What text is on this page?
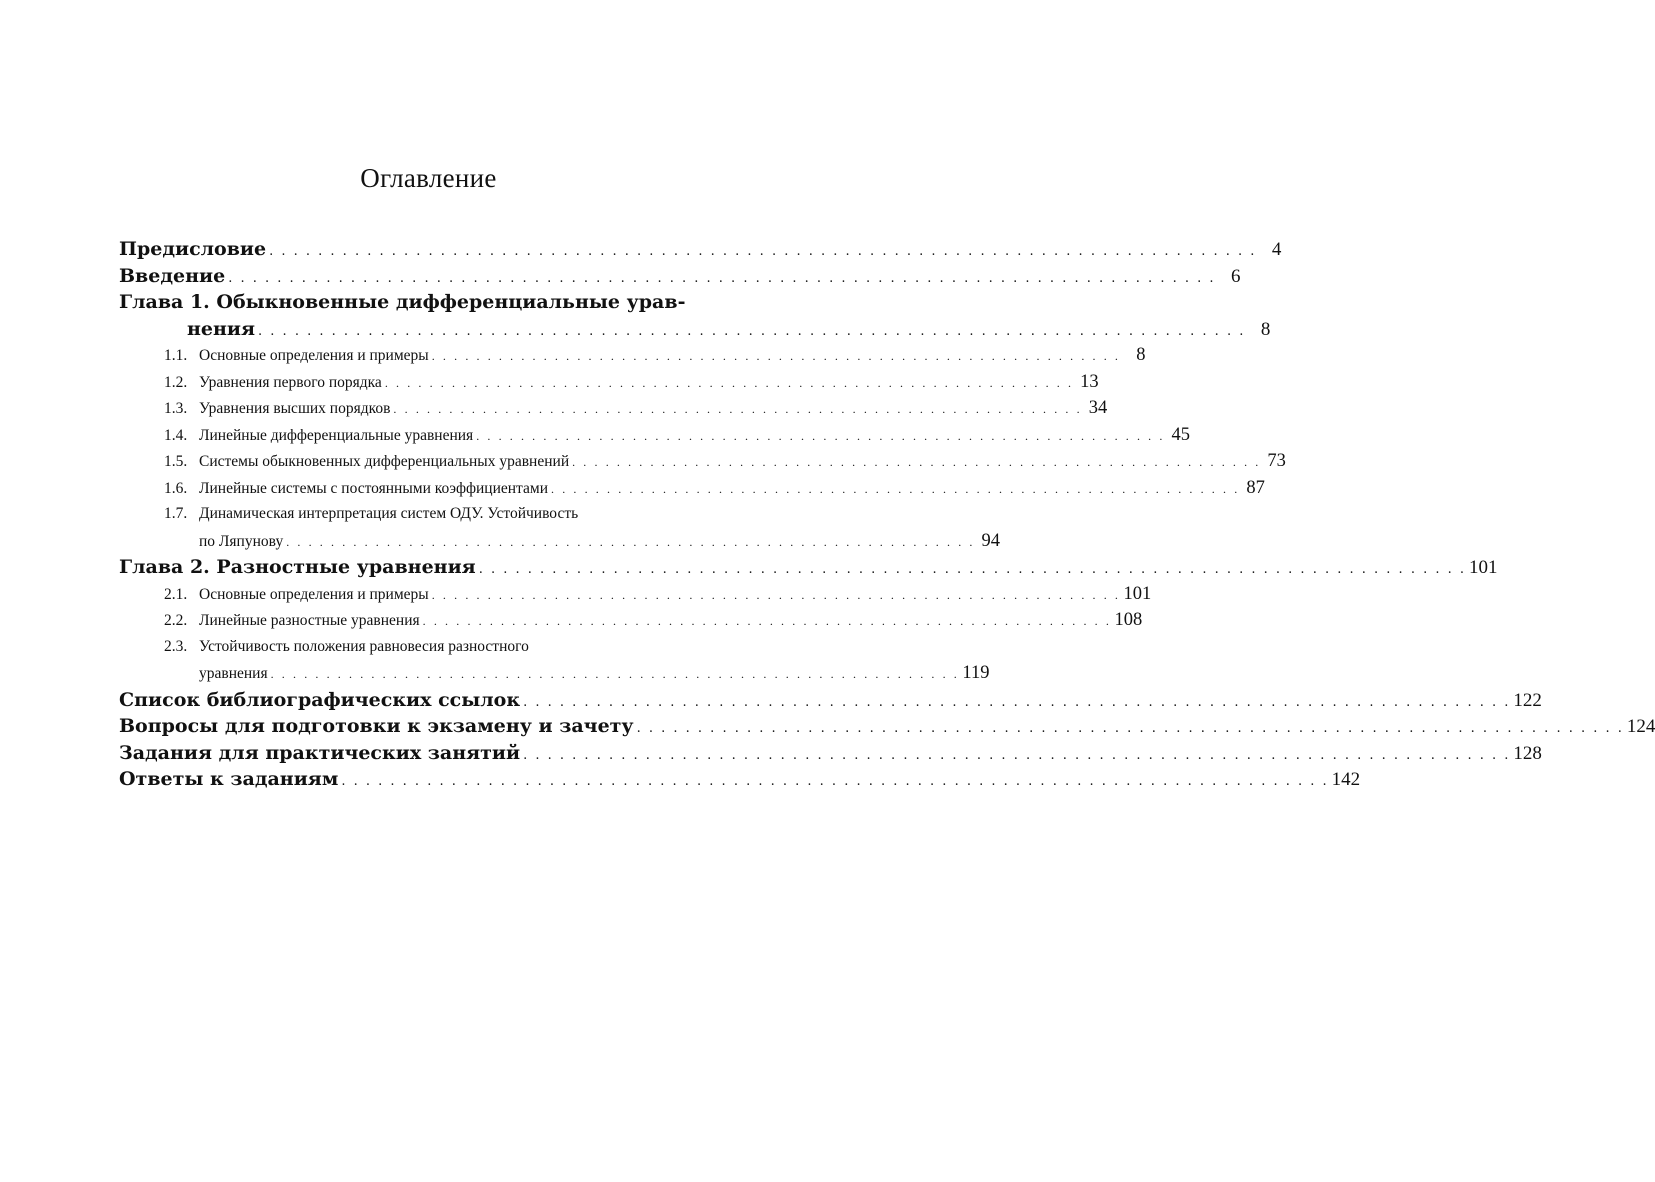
Оглавление
Предисловие . . . . . . . . . . . . . . . . . . . . . . . . . . . . . . . . . . . . . . . . . . . . . . . . . . . . . . . . . . . . . . . . . . . . . . . . . . . . . . . . . 4
Введение . . . . . . . . . . . . . . . . . . . . . . . . . . . . . . . . . . . . . . . . . . . . . . . . . . . . . . . . . . . . . . . . . . . . . . . . . . . . . . . . . 6
Глава 1. Обыкновенные дифференциальные урав-
нения . . . . . . . . . . . . . . . . . . . . . . . . . . . . . . . . . . . . . . . . . . . . . . . . . . . . . . . . . . . . . . . . . . . . . . . . . . . . . . . . . 8
1.1. Основные определения и примеры . . . . . . . . . . . . . . . . . . . . . . . . . . . . . . . . . . . . . . . . . . . . . . . . . . . . . . . . . . . . . . 8
1.2. Уравнения первого порядка . . . . . . . . . . . . . . . . . . . . . . . . . . . . . . . . . . . . . . . . . . . . . . . . . . . . . . . . . . . . . . 13
1.3. Уравнения высших порядков . . . . . . . . . . . . . . . . . . . . . . . . . . . . . . . . . . . . . . . . . . . . . . . . . . . . . . . . . . . . . . 34
1.4. Линейные дифференциальные уравнения . . . . . . . . . . . . . . . . . . . . . . . . . . . . . . . . . . . . . . . . . . . . . . . . . . . . . . . . . . . . . . 45
1.5. Системы обыкновенных дифференциальных уравнений . . . . . . . . . . . . . . . . . . . . . . . . . . . . . . . . . . . . . . . . . . . . . . . . . . . . . . . . . . . . . . 73
1.6. Линейные системы с постоянными коэффициентами . . . . . . . . . . . . . . . . . . . . . . . . . . . . . . . . . . . . . . . . . . . . . . . . . . . . . . . . . . . . . . 87
1.7. Динамическая интерпретация систем ОДУ. Устойчивость
по Ляпунову . . . . . . . . . . . . . . . . . . . . . . . . . . . . . . . . . . . . . . . . . . . . . . . . . . . . . . . . . . . . . . 94
Глава 2. Разностные уравнения . . . . . . . . . . . . . . . . . . . . . . . . . . . . . . . . . . . . . . . . . . . . . . . . . . . . . . . . . . . . . . . . . . . . . . . . . . . . . . . . . 101
2.1. Основные определения и примеры . . . . . . . . . . . . . . . . . . . . . . . . . . . . . . . . . . . . . . . . . . . . . . . . . . . . . . . . . . . . . . 101
2.2. Линейные разностные уравнения . . . . . . . . . . . . . . . . . . . . . . . . . . . . . . . . . . . . . . . . . . . . . . . . . . . . . . . . . . . . . . 108
2.3. Устойчивость положения равновесия разностного
уравнения . . . . . . . . . . . . . . . . . . . . . . . . . . . . . . . . . . . . . . . . . . . . . . . . . . . . . . . . . . . . . . 119
Список библиографических ссылок . . . . . . . . . . . . . . . . . . . . . . . . . . . . . . . . . . . . . . . . . . . . . . . . . . . . . . . . . . . . . . . . . . . . . . . . . . . . . . . . . 122
Вопросы для подготовки к экзамену и зачету . . . . . . . . . . . . . . . . . . . . . . . . . . . . . . . . . . . . . . . . . . . . . . . . . . . . . . . . . . . . . . . . . . . . . . . . . . . . . . . . . 124
Задания для практических занятий . . . . . . . . . . . . . . . . . . . . . . . . . . . . . . . . . . . . . . . . . . . . . . . . . . . . . . . . . . . . . . . . . . . . . . . . . . . . . . . . . 128
Ответы к заданиям . . . . . . . . . . . . . . . . . . . . . . . . . . . . . . . . . . . . . . . . . . . . . . . . . . . . . . . . . . . . . . . . . . . . . . . . . . . . . . . . . 142
